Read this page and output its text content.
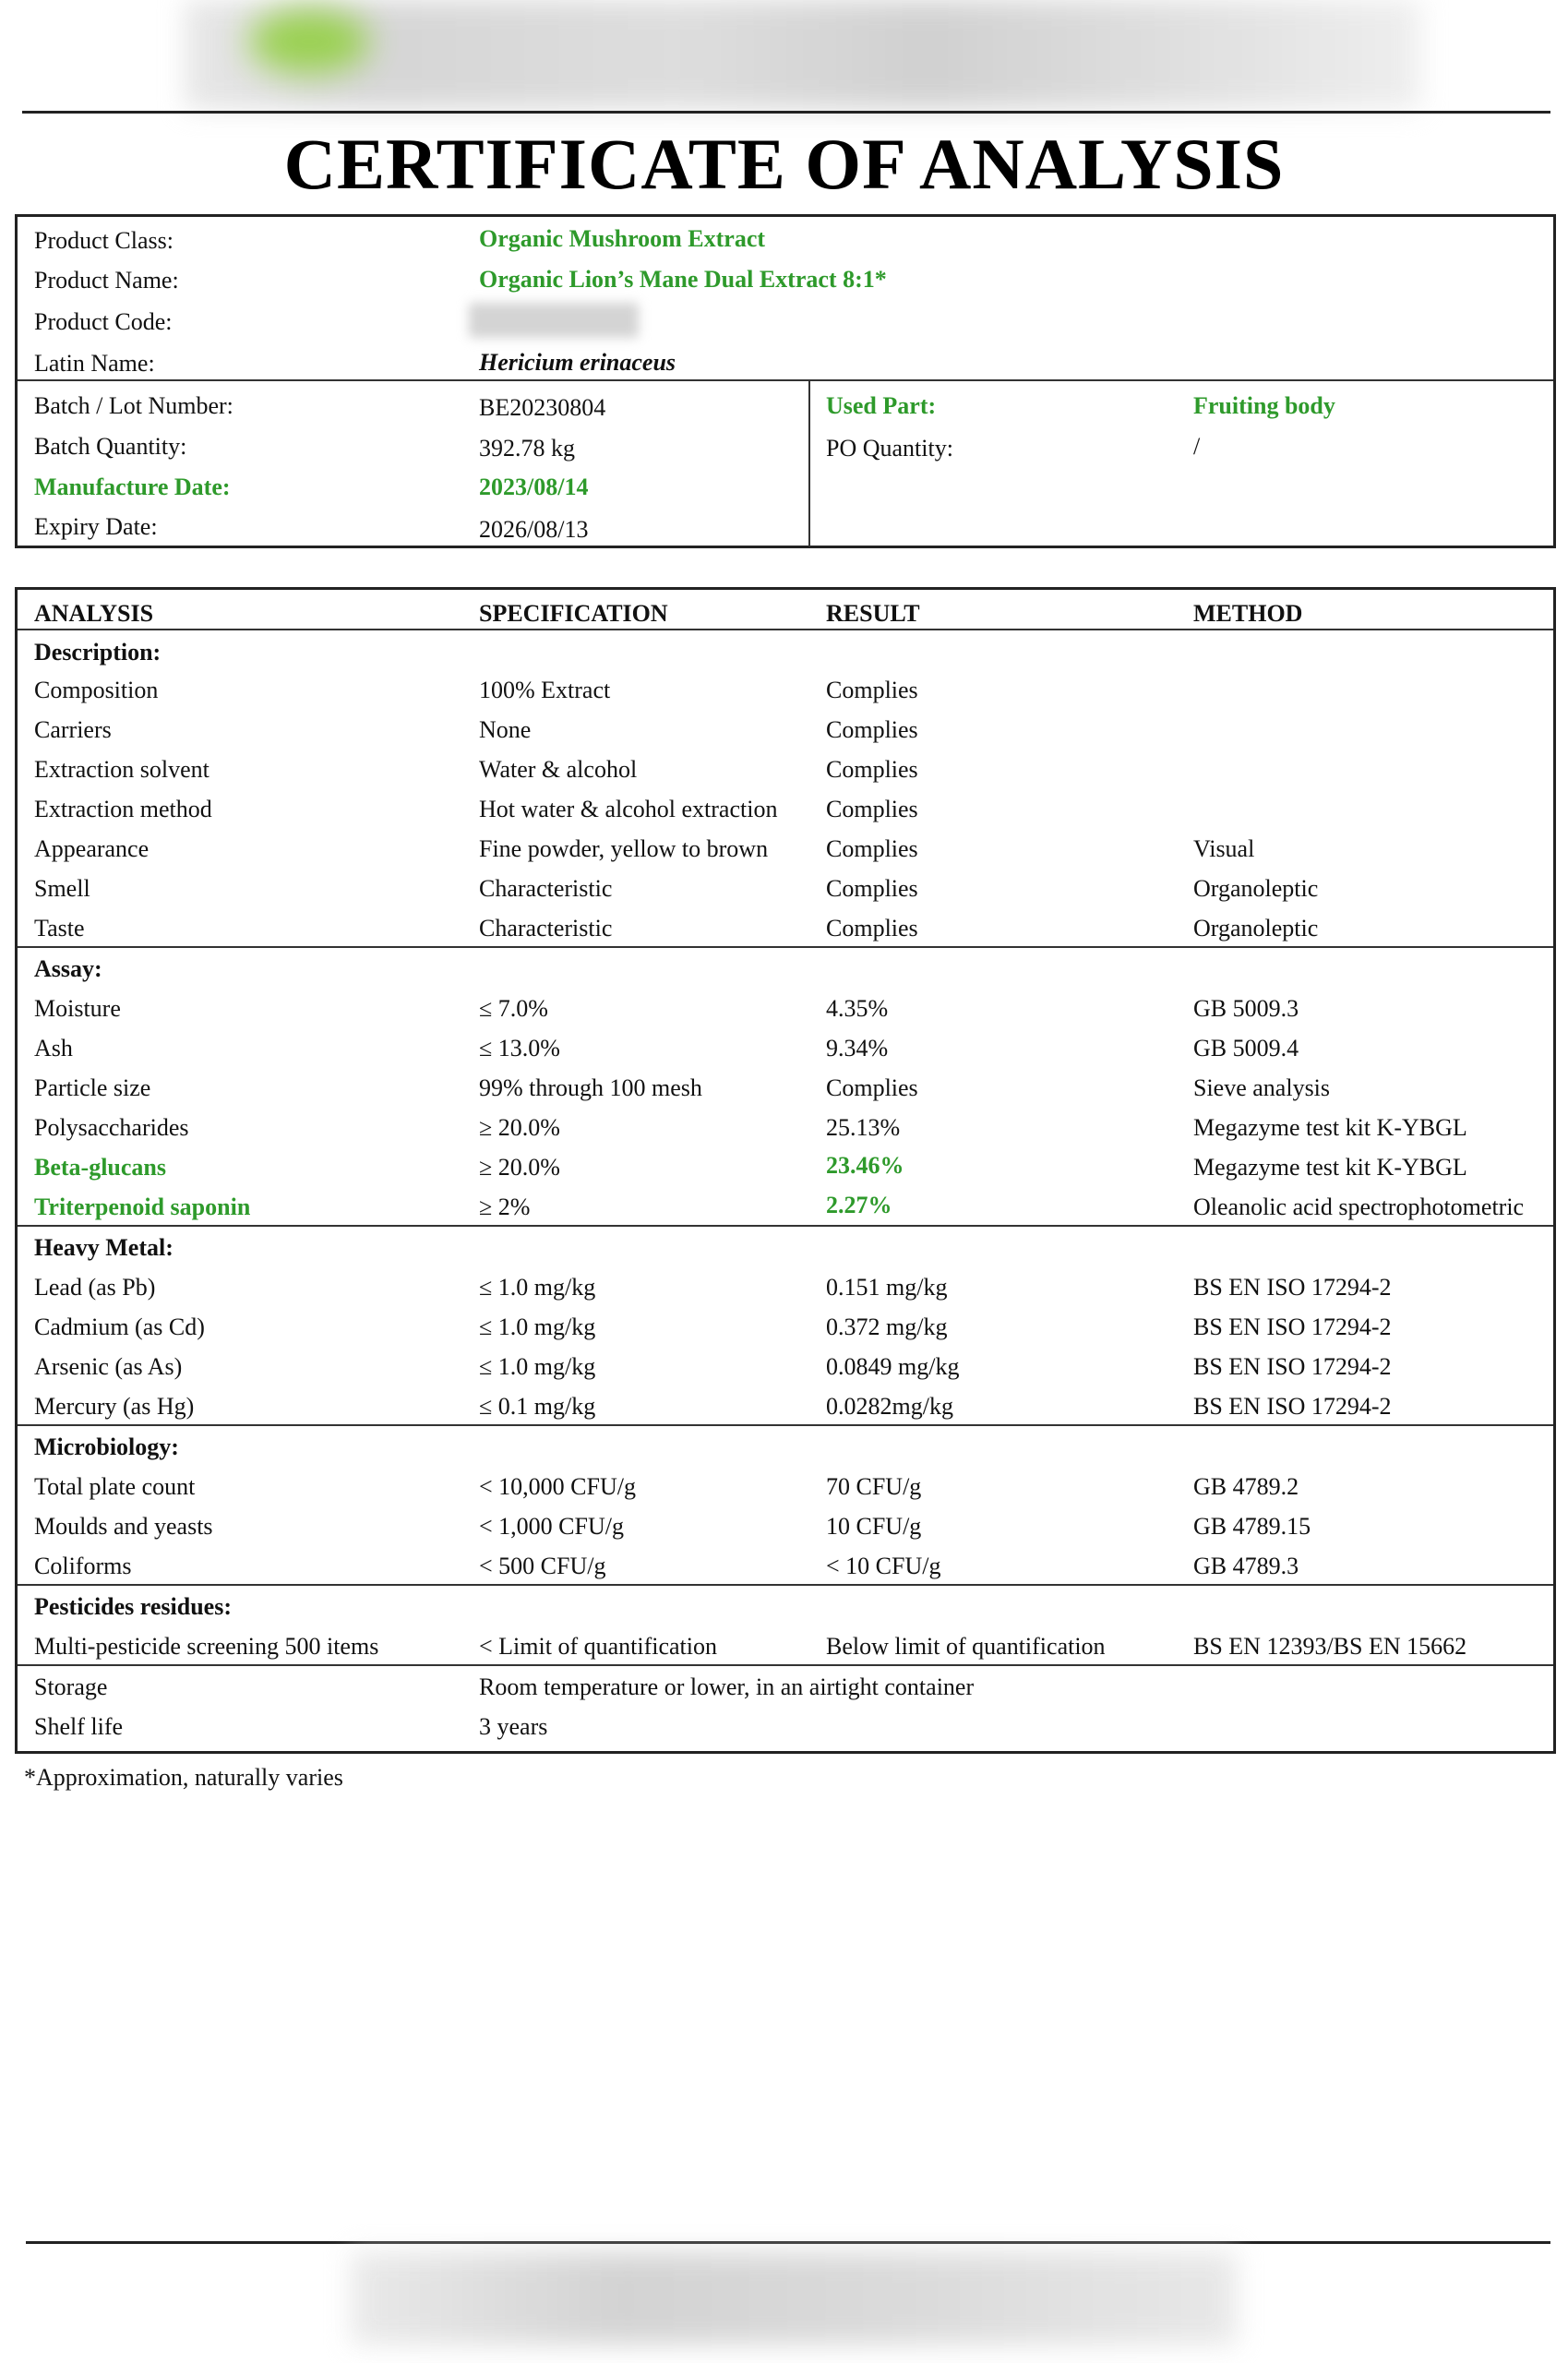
CERTIFICATE OF ANALYSIS
Product Class:	Organic Mushroom Extract
Product Name:	Organic Lion’s Mane Dual Extract 8:1*
Product Code:
Latin Name:	Hericium erinaceus
Batch / Lot Number:	BE20230804	Used Part:	Fruiting body
Batch Quantity:	392.78 kg	PO Quantity:	/
Manufacture Date:	2023/08/14
Expiry Date:	2026/08/13
ANALYSIS	SPECIFICATION	RESULT	METHOD
Description:
Composition	100% Extract	Complies
Carriers	None	Complies
Extraction solvent	Water & alcohol	Complies
Extraction method	Hot water & alcohol extraction Complies
Appearance	Fine powder, yellow to brown Complies	Visual
Smell	Characteristic	Complies	Organoleptic
Taste	Characteristic	Complies	Organoleptic
Assay:
Moisture	≤ 7.0%	4.35%	GB 5009.3
Ash	≤ 13.0%	9.34%	GB 5009.4
Particle size	99% through 100 mesh	Complies	Sieve analysis
Polysaccharides	≥ 20.0%	25.13%	Megazyme test kit K-YBGL
Beta-glucans	≥ 20.0%	23.46%	Megazyme test kit K-YBGL
Triterpenoid saponin	≥ 2%	2.27%	Oleanolic acid spectrophotometric
Heavy Metal:
Lead (as Pb)	≤ 1.0 mg/kg	0.151 mg/kg	BS EN ISO 17294-2
Cadmium (as Cd)	≤ 1.0 mg/kg	0.372 mg/kg	BS EN ISO 17294-2
Arsenic (as As)	≤ 1.0 mg/kg	0.0849 mg/kg	BS EN ISO 17294-2
Mercury (as Hg)	≤ 0.1 mg/kg	0.0282mg/kg	BS EN ISO 17294-2
Microbiology:
Total plate count	< 10,000 CFU/g	70 CFU/g	GB 4789.2
Moulds and yeasts	< 1,000 CFU/g	10 CFU/g	GB 4789.15
Coliforms	< 500 CFU/g	< 10 CFU/g	GB 4789.3
Pesticides residues:
Multi-pesticide screening 500 items	< Limit of quantification	Below limit of quantification	BS EN 12393/BS EN 15662
Storage	Room temperature or lower, in an airtight container
Shelf life	3 years
*Approximation, naturally varies
